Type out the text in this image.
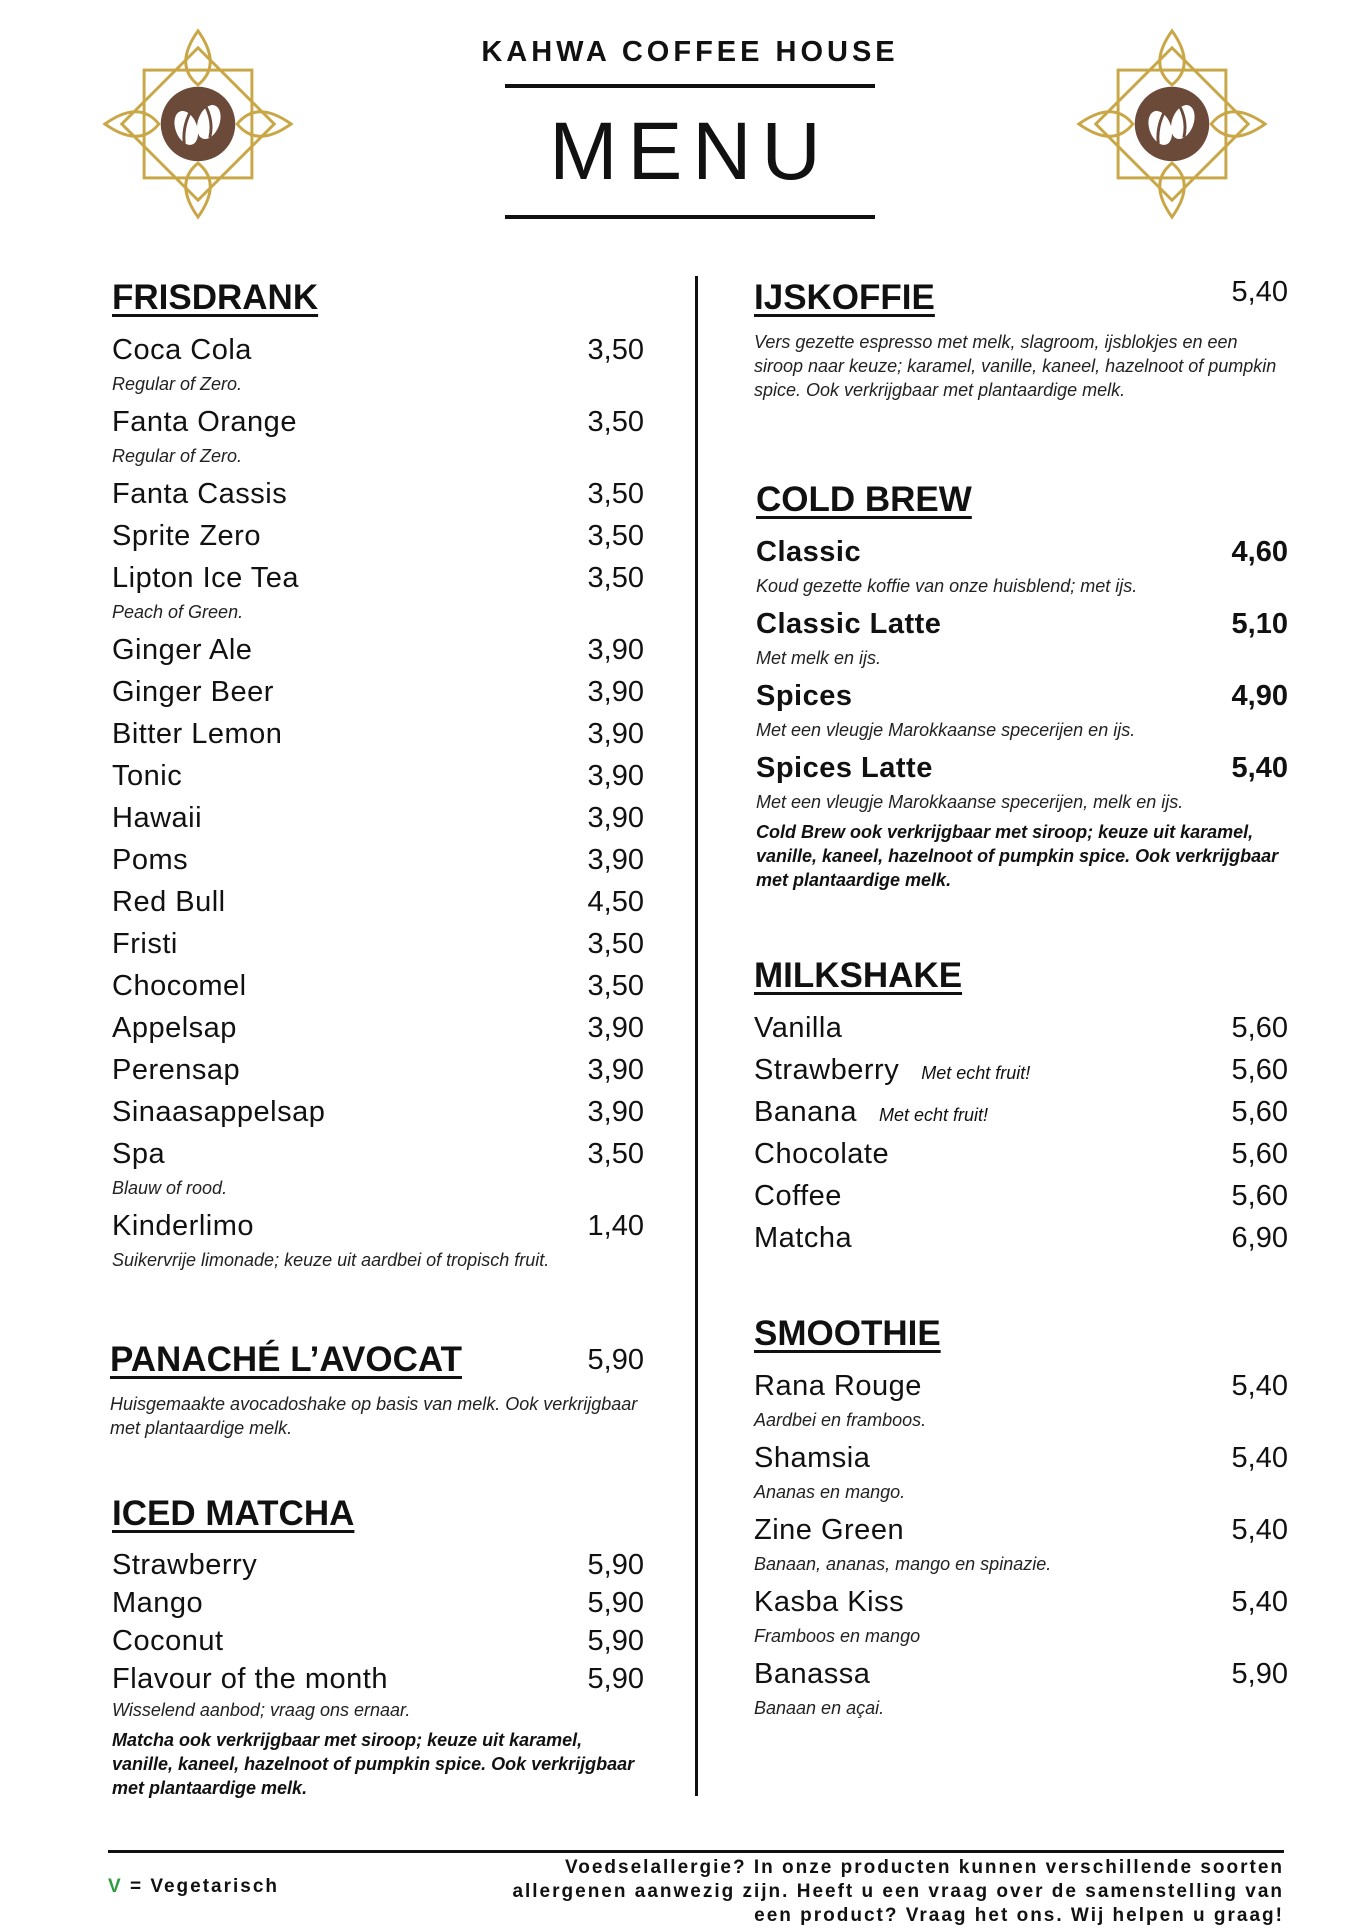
KAHWA COFFEE HOUSE
MENU
FRISDRANK
Coca Cola	3,50
Regular of Zero.
Fanta Orange	3,50
Regular of Zero.
Fanta Cassis	3,50
Sprite Zero	3,50
Lipton Ice Tea	3,50
Peach of Green.
Ginger Ale	3,90
Ginger Beer	3,90
Bitter Lemon	3,90
Tonic	3,90
Hawaii	3,90
Poms	3,90
Red Bull	4,50
Fristi	3,50
Chocomel	3,50
Appelsap	3,90
Perensap	3,90
Sinaasappelsap	3,90
Spa	3,50
Blauw of rood.
Kinderlimo	1,40
Suikervrije limonade; keuze uit aardbei of tropisch fruit.
PANACHÉ L’AVOCAT	5,90
Huisgemaakte avocadoshake op basis van melk. Ook verkrijgbaar met plantaardige melk.
ICED MATCHA
Strawberry	5,90
Mango	5,90
Coconut	5,90
Flavour of the month	5,90
Wisselend aanbod; vraag ons ernaar.
Matcha ook verkrijgbaar met siroop; keuze uit karamel, vanille, kaneel, hazelnoot of pumpkin spice. Ook verkrijgbaar met plantaardige melk.
IJSKOFFIE	5,40
Vers gezette espresso met melk, slagroom, ijsblokjes en een siroop naar keuze; karamel, vanille, kaneel, hazelnoot of pumpkin spice. Ook verkrijgbaar met plantaardige melk.
COLD BREW
Classic	4,60
Koud gezette koffie van onze huisblend; met ijs.
Classic Latte	5,10
Met melk en ijs.
Spices	4,90
Met een vleugje Marokkaanse specerijen en ijs.
Spices Latte	5,40
Met een vleugje Marokkaanse specerijen, melk en ijs.
Cold Brew ook verkrijgbaar met siroop; keuze uit karamel, vanille, kaneel, hazelnoot of pumpkin spice. Ook verkrijgbaar met plantaardige melk.
MILKSHAKE
Vanilla	5,60
Strawberry Met echt fruit!	5,60
Banana Met echt fruit!	5,60
Chocolate	5,60
Coffee	5,60
Matcha	6,90
SMOOTHIE
Rana Rouge	5,40
Aardbei en framboos.
Shamsia	5,40
Ananas en mango.
Zine Green	5,40
Banaan, ananas, mango en spinazie.
Kasba Kiss	5,40
Framboos en mango
Banassa	5,90
Banaan en açai.
V = Vegetarisch
Voedselallergie? In onze producten kunnen verschillende soorten allergenen aanwezig zijn. Heeft u een vraag over de samenstelling van een product? Vraag het ons. Wij helpen u graag!
